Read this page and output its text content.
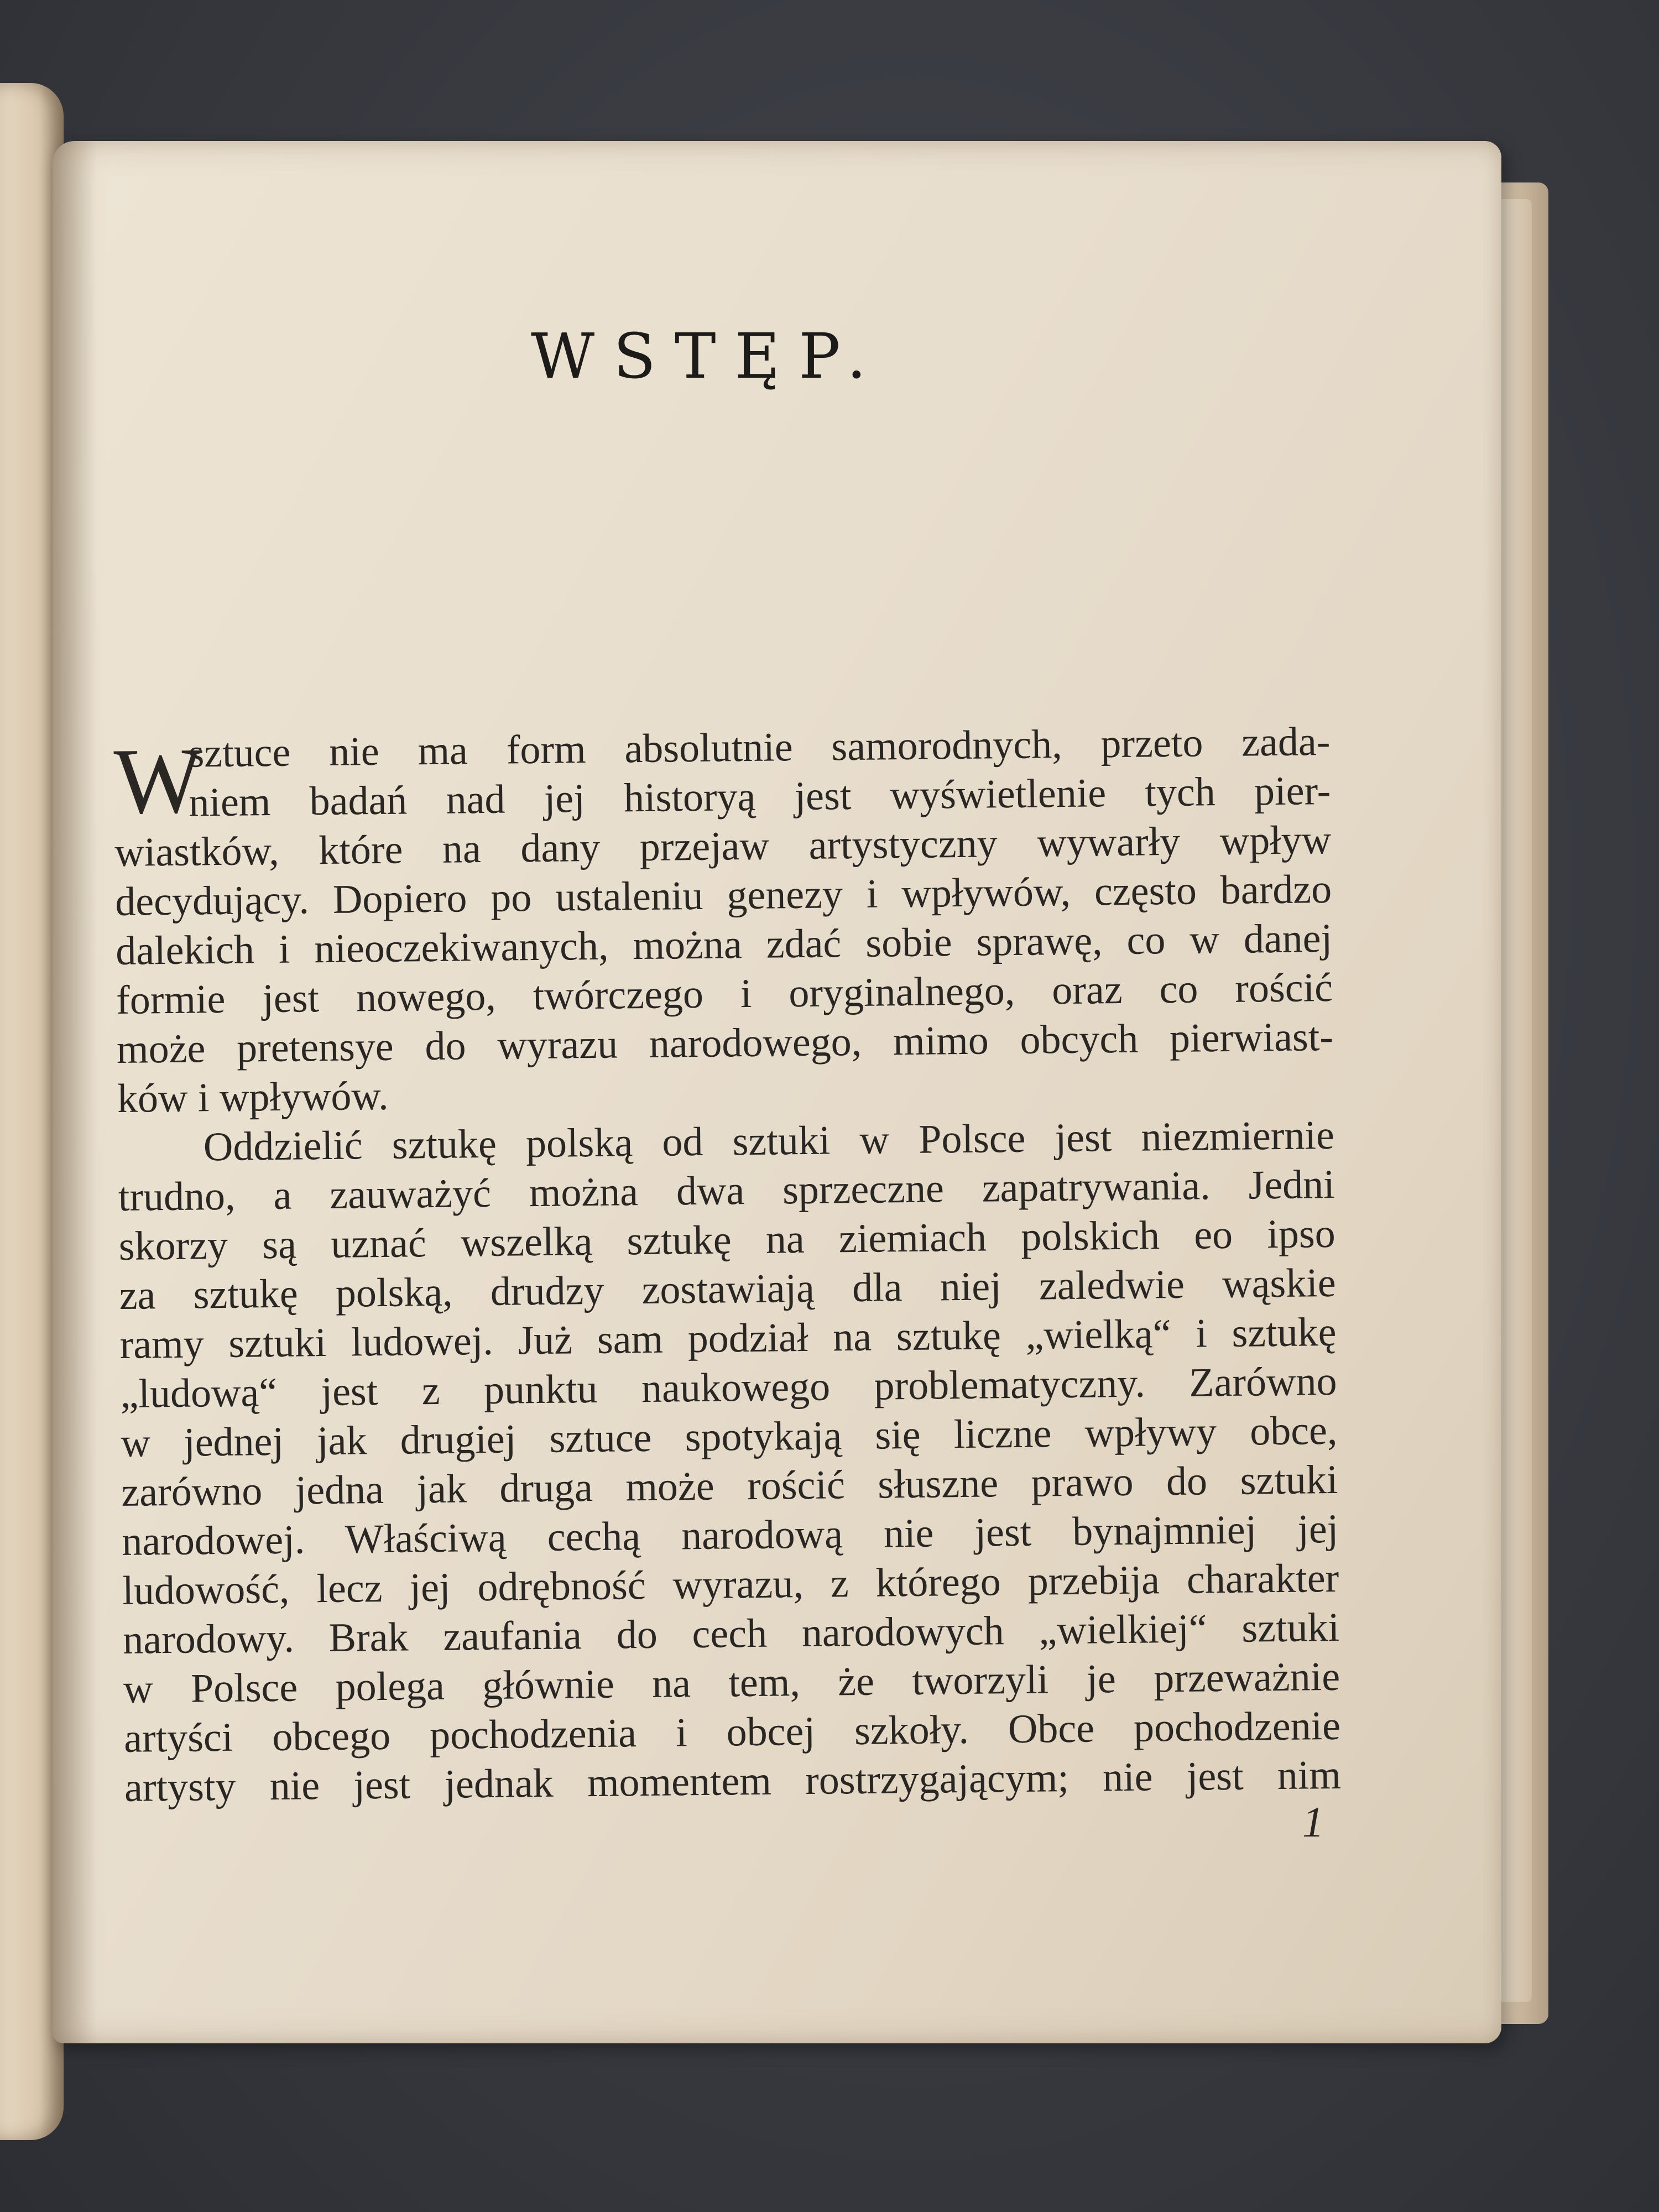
WSTĘP.
W
sztuce nie ma form absolutnie samorodnych, przeto zada-
niem badań nad jej historyą jest wyświetlenie tych pier-
wiastków, które na dany przejaw artystyczny wywarły wpływ
decydujący. Dopiero po ustaleniu genezy i wpływów, często bardzo
dalekich i nieoczekiwanych, można zdać sobie sprawę, co w danej
formie jest nowego, twórczego i oryginalnego, oraz co rościć
może pretensye do wyrazu narodowego, mimo obcych pierwiast-
ków i wpływów.
Oddzielić sztukę polską od sztuki w Polsce jest niezmiernie
trudno, a zauważyć można dwa sprzeczne zapatrywania. Jedni
skorzy są uznać wszelką sztukę na ziemiach polskich eo ipso
za sztukę polską, drudzy zostawiają dla niej zaledwie wąskie
ramy sztuki ludowej. Już sam podział na sztukę „wielką“ i sztukę
„ludową“ jest z punktu naukowego problematyczny. Zarówno
w jednej jak drugiej sztuce spotykają się liczne wpływy obce,
zarówno jedna jak druga może rościć słuszne prawo do sztuki
narodowej. Właściwą cechą narodową nie jest bynajmniej jej
ludowość, lecz jej odrębność wyrazu, z którego przebija charakter
narodowy. Brak zaufania do cech narodowych „wielkiej“ sztuki
w Polsce polega głównie na tem, że tworzyli je przeważnie
artyści obcego pochodzenia i obcej szkoły. Obce pochodzenie
artysty nie jest jednak momentem rostrzygającym; nie jest nim
1
